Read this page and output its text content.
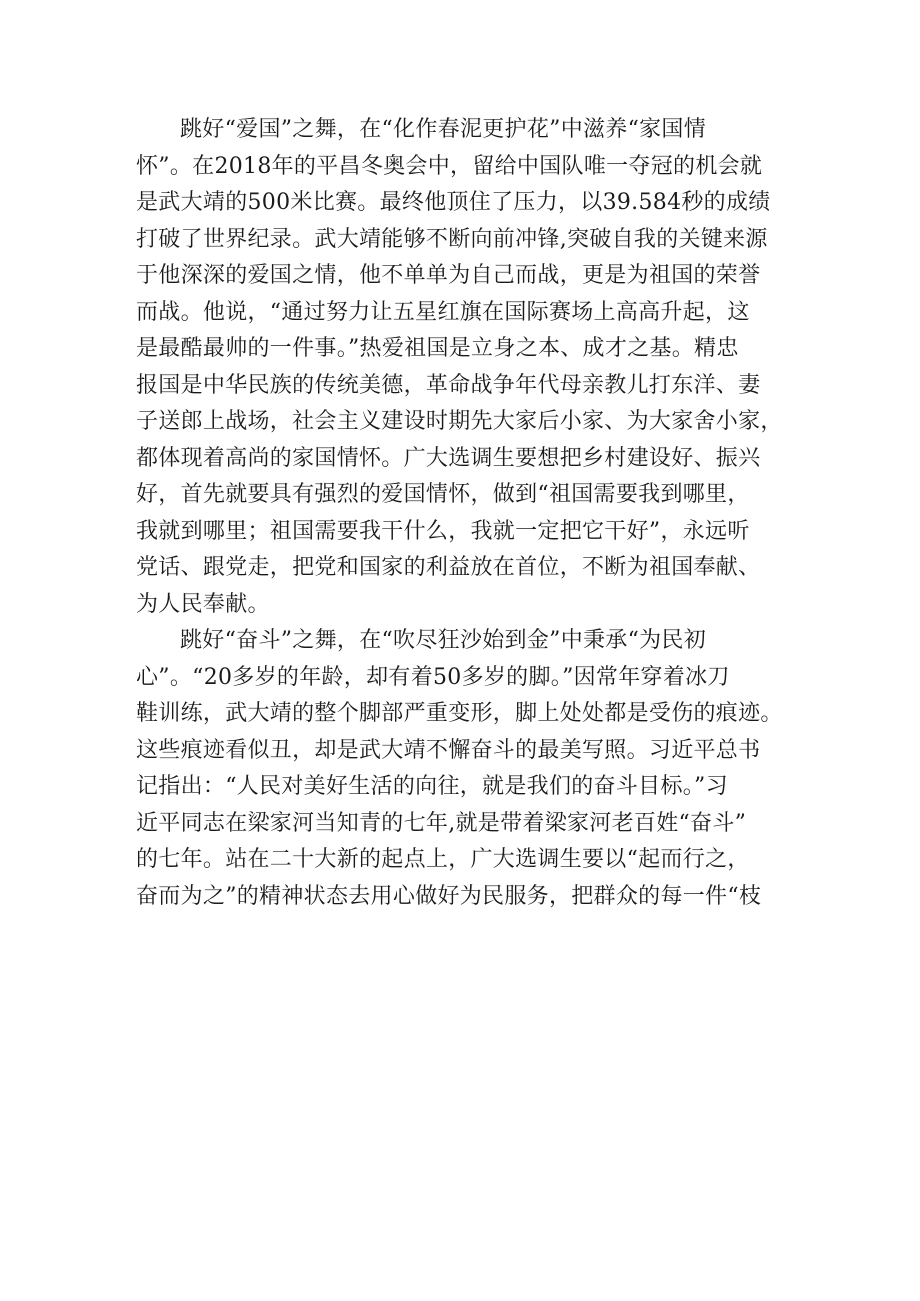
跳好“爱国”之舞，在“化作春泥更护花”中滋养“家国情
怀”。在2018年的平昌冬奥会中，留给中国队唯一夺冠的机会就
是武大靖的500米比赛。最终他顶住了压力，以39.584秒的成绩
打破了世界纪录。武大靖能够不断向前冲锋,突破自我的关键来源
于他深深的爱国之情，他不单单为自己而战，更是为祖国的荣誉
而战。他说，“通过努力让五星红旗在国际赛场上高高升起，这
是最酷最帅的一件事。”热爱祖国是立身之本、成才之基。精忠
报国是中华民族的传统美德，革命战争年代母亲教儿打东洋、妻
子送郎上战场，社会主义建设时期先大家后小家、为大家舍小家，
都体现着高尚的家国情怀。广大选调生要想把乡村建设好、振兴
好，首先就要具有强烈的爱国情怀，做到“祖国需要我到哪里，
我就到哪里；祖国需要我干什么，我就一定把它干好”，永远听
党话、跟党走，把党和国家的利益放在首位，不断为祖国奉献、
为人民奉献。
跳好“奋斗”之舞，在“吹尽狂沙始到金”中秉承“为民初
心”。“20多岁的年龄，却有着50多岁的脚。”因常年穿着冰刀
鞋训练，武大靖的整个脚部严重变形，脚上处处都是受伤的痕迹。
这些痕迹看似丑，却是武大靖不懈奋斗的最美写照。习近平总书
记指出：“人民对美好生活的向往，就是我们的奋斗目标。”习
近平同志在梁家河当知青的七年,就是带着梁家河老百姓“奋斗”
的七年。站在二十大新的起点上，广大选调生要以“起而行之，
奋而为之”的精神状态去用心做好为民服务，把群众的每一件“枝
